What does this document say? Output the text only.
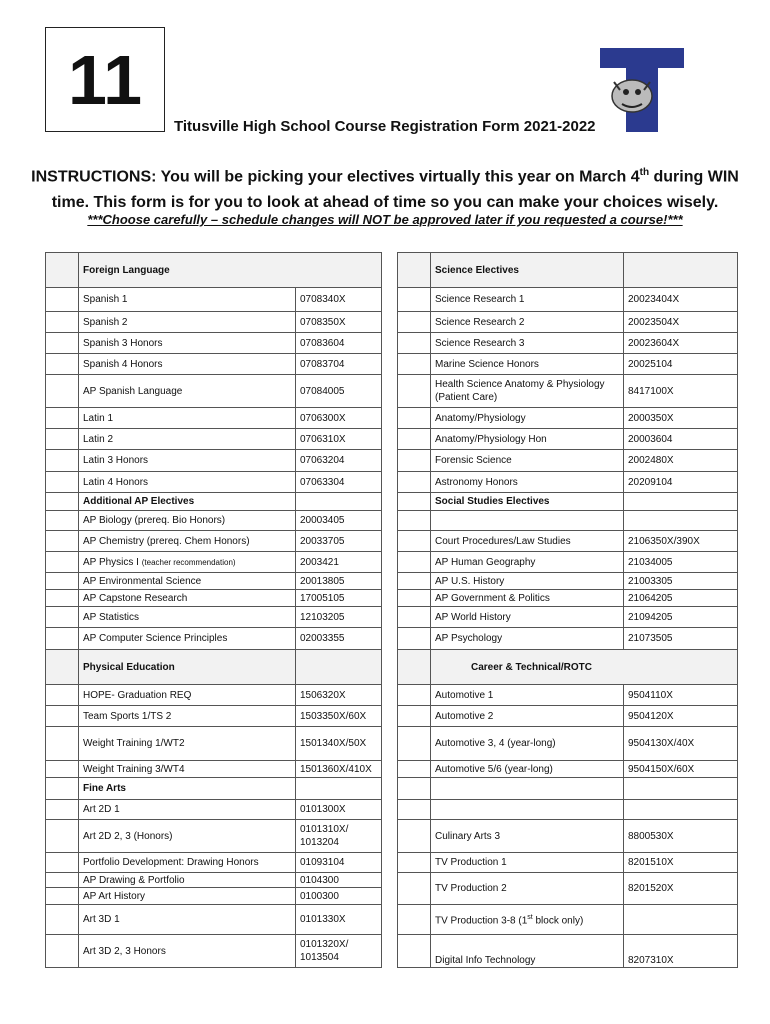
11
Titusville High School Course Registration Form 2021-2022
T
INSTRUCTIONS: You will be picking your electives virtually this year on March 4th during WIN time. This form is for you to look at ahead of time so you can make your choices wisely.
***Choose carefully – schedule changes will NOT be approved later if you requested a course!***
	Foreign Language	
	Spanish 1	0708340X
	Spanish 2	0708350X
	Spanish 3 Honors	07083604
	Spanish 4 Honors	07083704
	AP Spanish Language	07084005
	Latin 1	0706300X
	Latin 2	0706310X
	Latin 3 Honors	07063204
	Latin 4 Honors	07063304
	Additional AP Electives	
	AP Biology (prereq. Bio Honors)	20003405
	AP Chemistry (prereq. Chem Honors)	20033705
	AP Physics I (teacher recommendation)	2003421
	AP Environmental Science	20013805
	AP Capstone Research	17005105
	AP Statistics	12103205
	AP Computer Science Principles	02003355
	Physical Education	
	HOPE- Graduation REQ	1506320X
	Team Sports 1/TS 2	1503350X/60X
	Weight Training 1/WT2	1501340X/50X
	Weight Training 3/WT4	1501360X/410X
	Fine Arts	
	Art 2D 1	0101300X
	Art 2D 2, 3 (Honors)	0101310X/ 1013204
	Portfolio Development: Drawing Honors	01093104
	AP Drawing & Portfolio	0104300
	AP Art History	0100300
	Art 3D 1	0101330X
	Art 3D 2, 3 Honors	0101320X/ 1013504
	Science Electives	
	Science Research 1	20023404X
	Science Research 2	20023504X
	Science Research 3	20023604X
	Marine Science Honors	20025104
	Health Science Anatomy & Physiology (Patient Care)	8417100X
	Anatomy/Physiology	2000350X
	Anatomy/Physiology Hon	20003604
	Forensic Science	2002480X
	Astronomy Honors	20209104
	Social Studies Electives	

	Court Procedures/Law Studies	2106350X/390X
	AP Human Geography	21034005
	AP U.S. History	21003305
	AP Government & Politics	21064205
	AP World History	21094205
	AP Psychology	21073505
	Career & Technical/ROTC	
	Automotive 1	9504110X
	Automotive 2	9504120X
	Automotive 3, 4 (year-long)	9504130X/40X
	Automotive 5/6 (year-long)	9504150X/60X

	Culinary Arts 3	8800530X
	TV Production 1	8201510X
	TV Production 2	8201520X
	TV Production 3-8 (1st block only)	
	Digital Info Technology	8207310X
